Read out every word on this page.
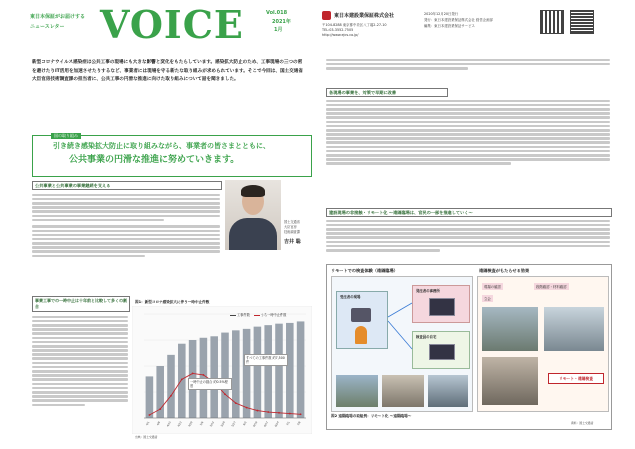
東日本保証がお届けする
ニュースレター VOICE	Vol.018
2021年
1月
東日本建設業保証株式会社
〒104-8288 東京都中央区八丁堀2-27-10
TEL:03-3552-7505
http://www.ejcs.co.jp/
2020年12月20日発行
発行：東日本建設業保証株式会社 経営企画部
編集：東日本建設業保証サービス
新型コロナウイルス感染症は公共工事の現場にも大きな影響と変化をもたらしています。感染拡大防止のため、工事現場の三つの密を避けたりIT活用を加速させたりするなど、事業者には現場を守る新たな取り組みが求められています。そこで今回は、国土交通省大臣官房技術調査課の担当者に、公共工事の円滑な推進に向けた取り組みについて話を聞きました。
国の取り組み
引き続き感染拡大防止に取り組みながら、事業者の皆さまとともに、
公共事業の円滑な推進に努めていきます。
公共事業と公共事業の事業継続を支える
国土交通省
大臣官房
技術調査課
吉井 聡
事業工事での一時中止は十年前と比較して多くの割合
図1：新型コロナ感染拡大に伴う一時中止件数
4/1	4/8	4/15	4/22	4/29	5/6	5/13	5/20	5/27	6/3	6/10	6/17	6/24	7/1	7/8
工事件数	うち一時中止件数
すべての工事件数 約7,500件
一時中止の割合 約0.5%程度
出典：国土交通省
各現場の事業を、対策で早期に改善
建設現場の非接触・リモート化 ～遠隔臨場は、官民の一部を推進していく～
リモートでの検査体験（遠隔臨場）	遠隔検査がもたらせる効果
受注者の現場
発注者の事務所
検査員の自宅
現場の確認	段階確認・材料確認
立会
リモート・遠隔検査
図2 遠隔臨場の取組例：リモート化 ～遠隔臨場～
資料：国土交通省
